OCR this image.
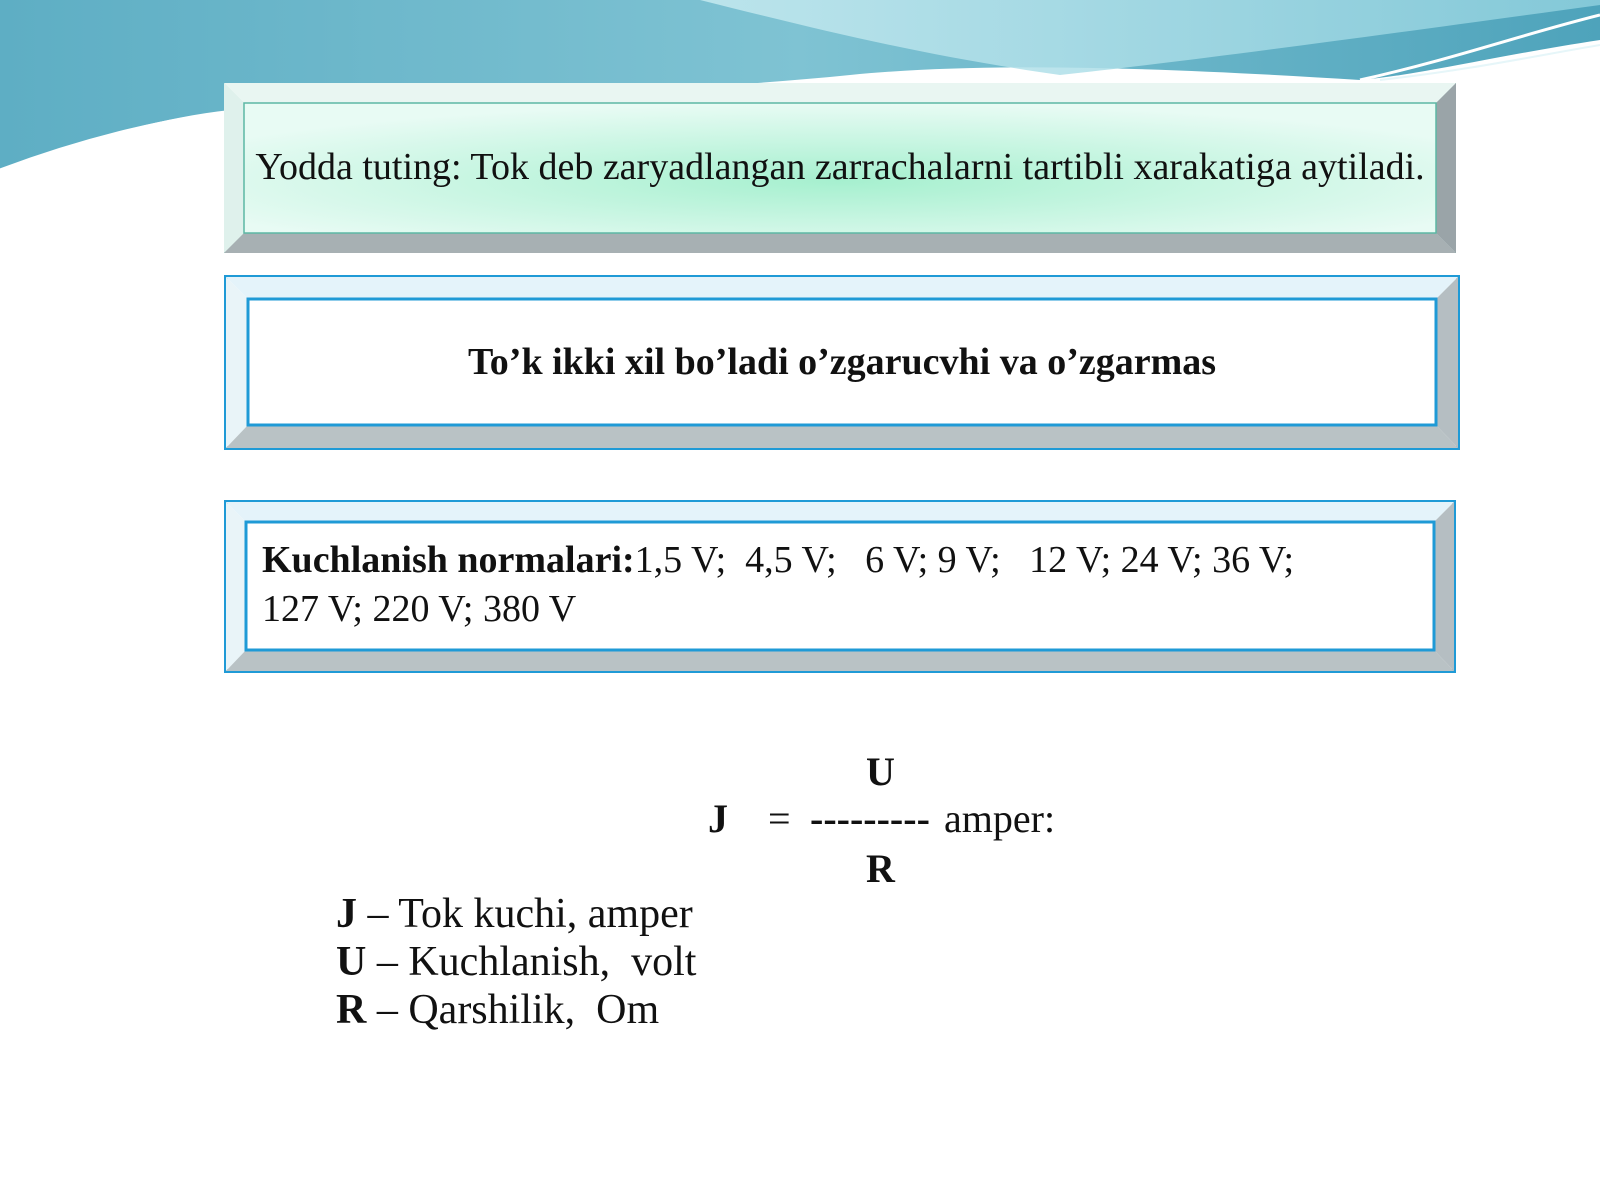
Yodda tuting: Tok deb zaryadlangan zarrachalarni tartibli xarakatiga aytiladi.
To’k ikki xil bo’ladi o’zgarucvhi va o’zgarmas

Kuchlanish normalari:1,5 V;  4,5 V;   6 V; 9 V;   12 V; 24 V; 36 V;

127 V; 220 V; 380 V

U
J = --------- amper:
R
J – Tok kuchi, amper
U – Kuchlanish,  volt
R – Qarshilik,  Om
